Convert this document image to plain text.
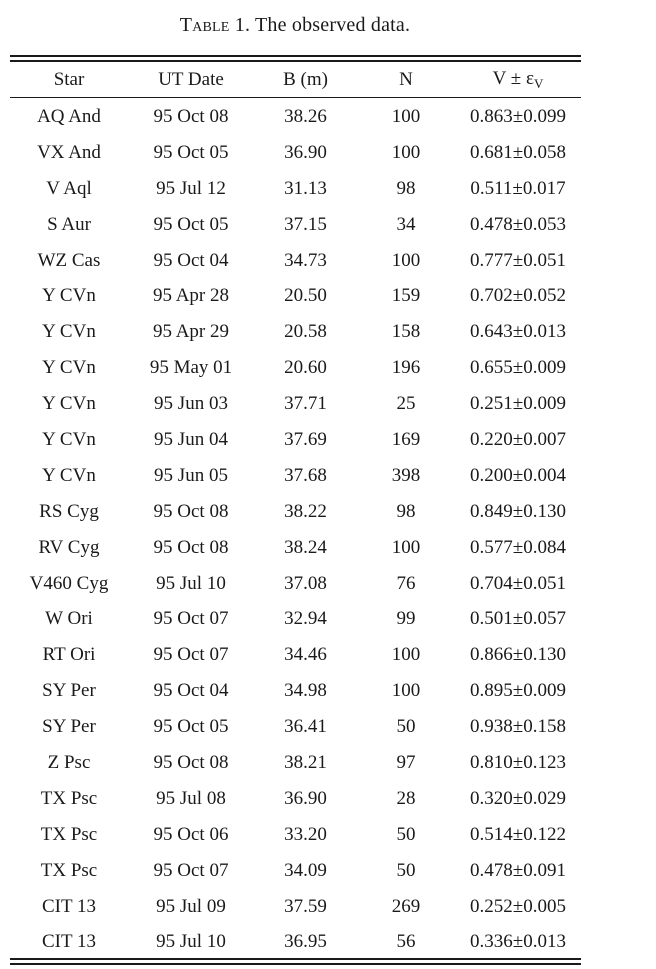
Table 1. The observed data.
Star	UT Date	B (m)	N	$V \pm \varepsilon_V$
AQ And	95 Oct 08	38.26	100	0.863±0.099
VX And	95 Oct 05	36.90	100	0.681±0.058
V Aql	95 Jul 12	31.13	98	0.511±0.017
S Aur	95 Oct 05	37.15	34	0.478±0.053
WZ Cas	95 Oct 04	34.73	100	0.777±0.051
Y CVn	95 Apr 28	20.50	159	0.702±0.052
Y CVn	95 Apr 29	20.58	158	0.643±0.013
Y CVn	95 May 01	20.60	196	0.655±0.009
Y CVn	95 Jun 03	37.71	25	0.251±0.009
Y CVn	95 Jun 04	37.69	169	0.220±0.007
Y CVn	95 Jun 05	37.68	398	0.200±0.004
RS Cyg	95 Oct 08	38.22	98	0.849±0.130
RV Cyg	95 Oct 08	38.24	100	0.577±0.084
V460 Cyg	95 Jul 10	37.08	76	0.704±0.051
W Ori	95 Oct 07	32.94	99	0.501±0.057
RT Ori	95 Oct 07	34.46	100	0.866±0.130
SY Per	95 Oct 04	34.98	100	0.895±0.009
SY Per	95 Oct 05	36.41	50	0.938±0.158
Z Psc	95 Oct 08	38.21	97	0.810±0.123
TX Psc	95 Jul 08	36.90	28	0.320±0.029
TX Psc	95 Oct 06	33.20	50	0.514±0.122
TX Psc	95 Oct 07	34.09	50	0.478±0.091
CIT 13	95 Jul 09	37.59	269	0.252±0.005
CIT 13	95 Jul 10	36.95	56	0.336±0.013
